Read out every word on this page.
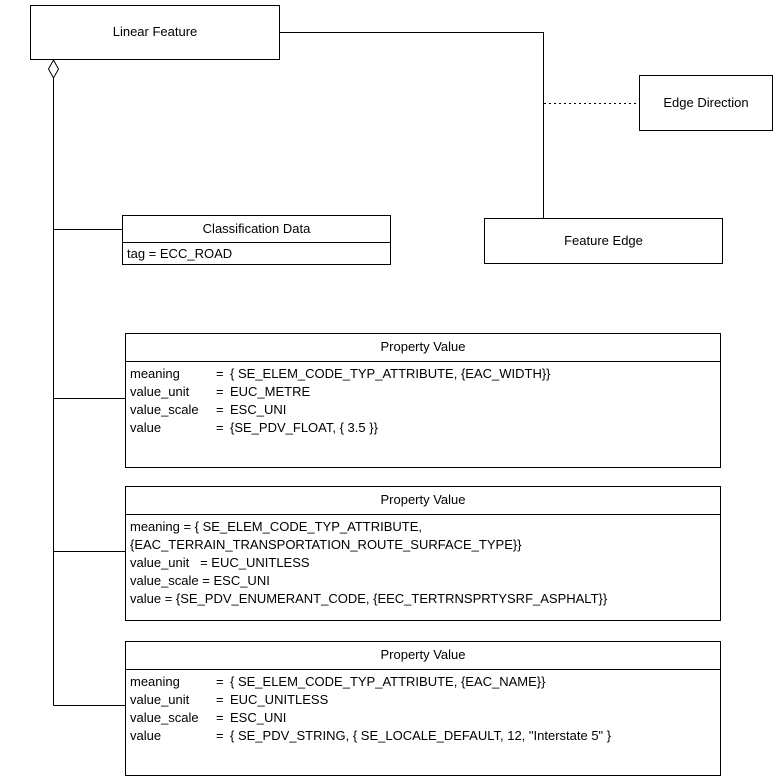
Linear Feature
Edge Direction
Feature Edge
Classification Data
tag = ECC_ROAD
Property Value
meaning	= { SE_ELEM_CODE_TYP_ATTRIBUTE, {EAC_WIDTH}}
value_unit	= EUC_METRE
value_scale	= ESC_UNI
value	= {SE_PDV_FLOAT, { 3.5 }}
Property Value
meaning = { SE_ELEM_CODE_TYP_ATTRIBUTE,
{EAC_TERRAIN_TRANSPORTATION_ROUTE_SURFACE_TYPE}}
value_unit   = EUC_UNITLESS
value_scale = ESC_UNI
value = {SE_PDV_ENUMERANT_CODE, {EEC_TERTRNSPRTYSRF_ASPHALT}}
Property Value
meaning	= { SE_ELEM_CODE_TYP_ATTRIBUTE, {EAC_NAME}}
value_unit	= EUC_UNITLESS
value_scale	= ESC_UNI
value	= { SE_PDV_STRING, { SE_LOCALE_DEFAULT, 12, "Interstate 5" }
